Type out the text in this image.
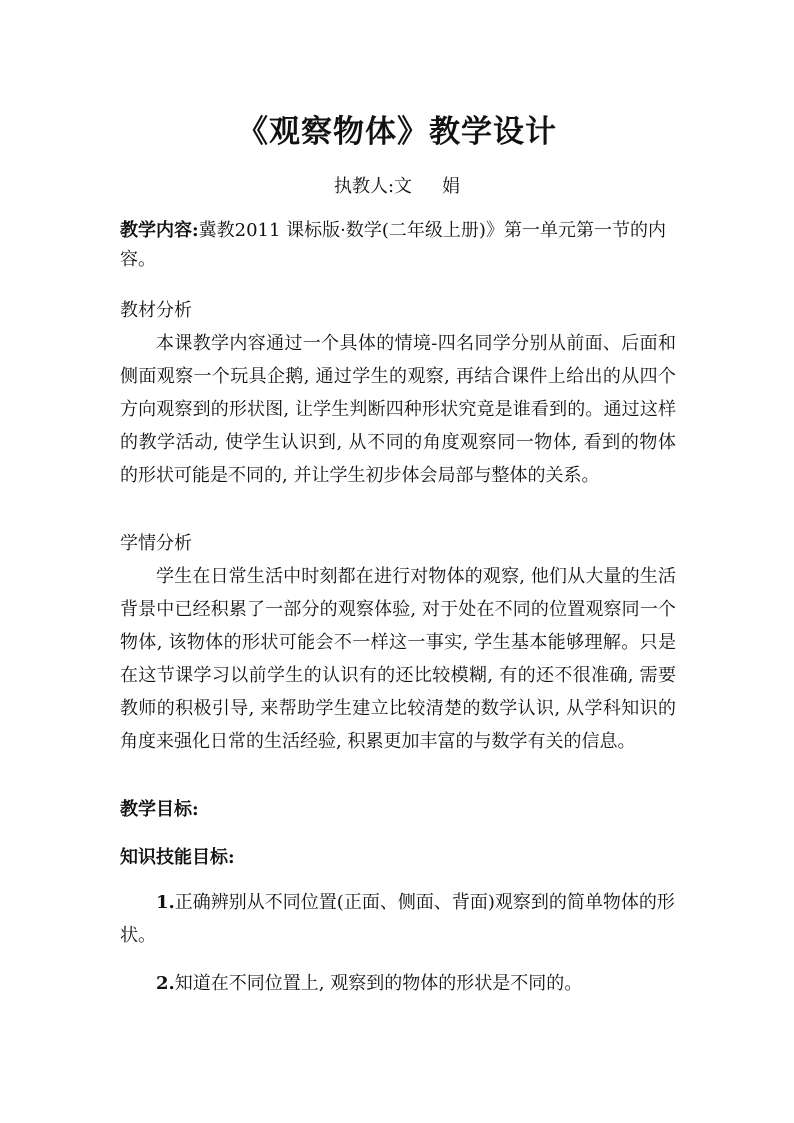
《观察物体》教学设计
执教人:文 娟
教学内容:冀教2011 课标版·数学(二年级上册)》第一单元第一节的内容。
教材分析
本课教学内容通过一个具体的情境-四名同学分别从前面、后面和侧面观察一个玩具企鹅, 通过学生的观察, 再结合课件上给出的从四个方向观察到的形状图, 让学生判断四种形状究竟是谁看到的。通过这样的教学活动, 使学生认识到, 从不同的角度观察同一物体, 看到的物体的形状可能是不同的, 并让学生初步体会局部与整体的关系。
学情分析
学生在日常生活中时刻都在进行对物体的观察, 他们从大量的生活背景中已经积累了一部分的观察体验, 对于处在不同的位置观察同一个物体, 该物体的形状可能会不一样这一事实, 学生基本能够理解。只是在这节课学习以前学生的认识有的还比较模糊, 有的还不很准确, 需要教师的积极引导, 来帮助学生建立比较清楚的数学认识, 从学科知识的角度来强化日常的生活经验, 积累更加丰富的与数学有关的信息。
教学目标:
知识技能目标:
1.正确辨别从不同位置(正面、侧面、背面)观察到的简单物体的形状。
2.知道在不同位置上, 观察到的物体的形状是不同的。
